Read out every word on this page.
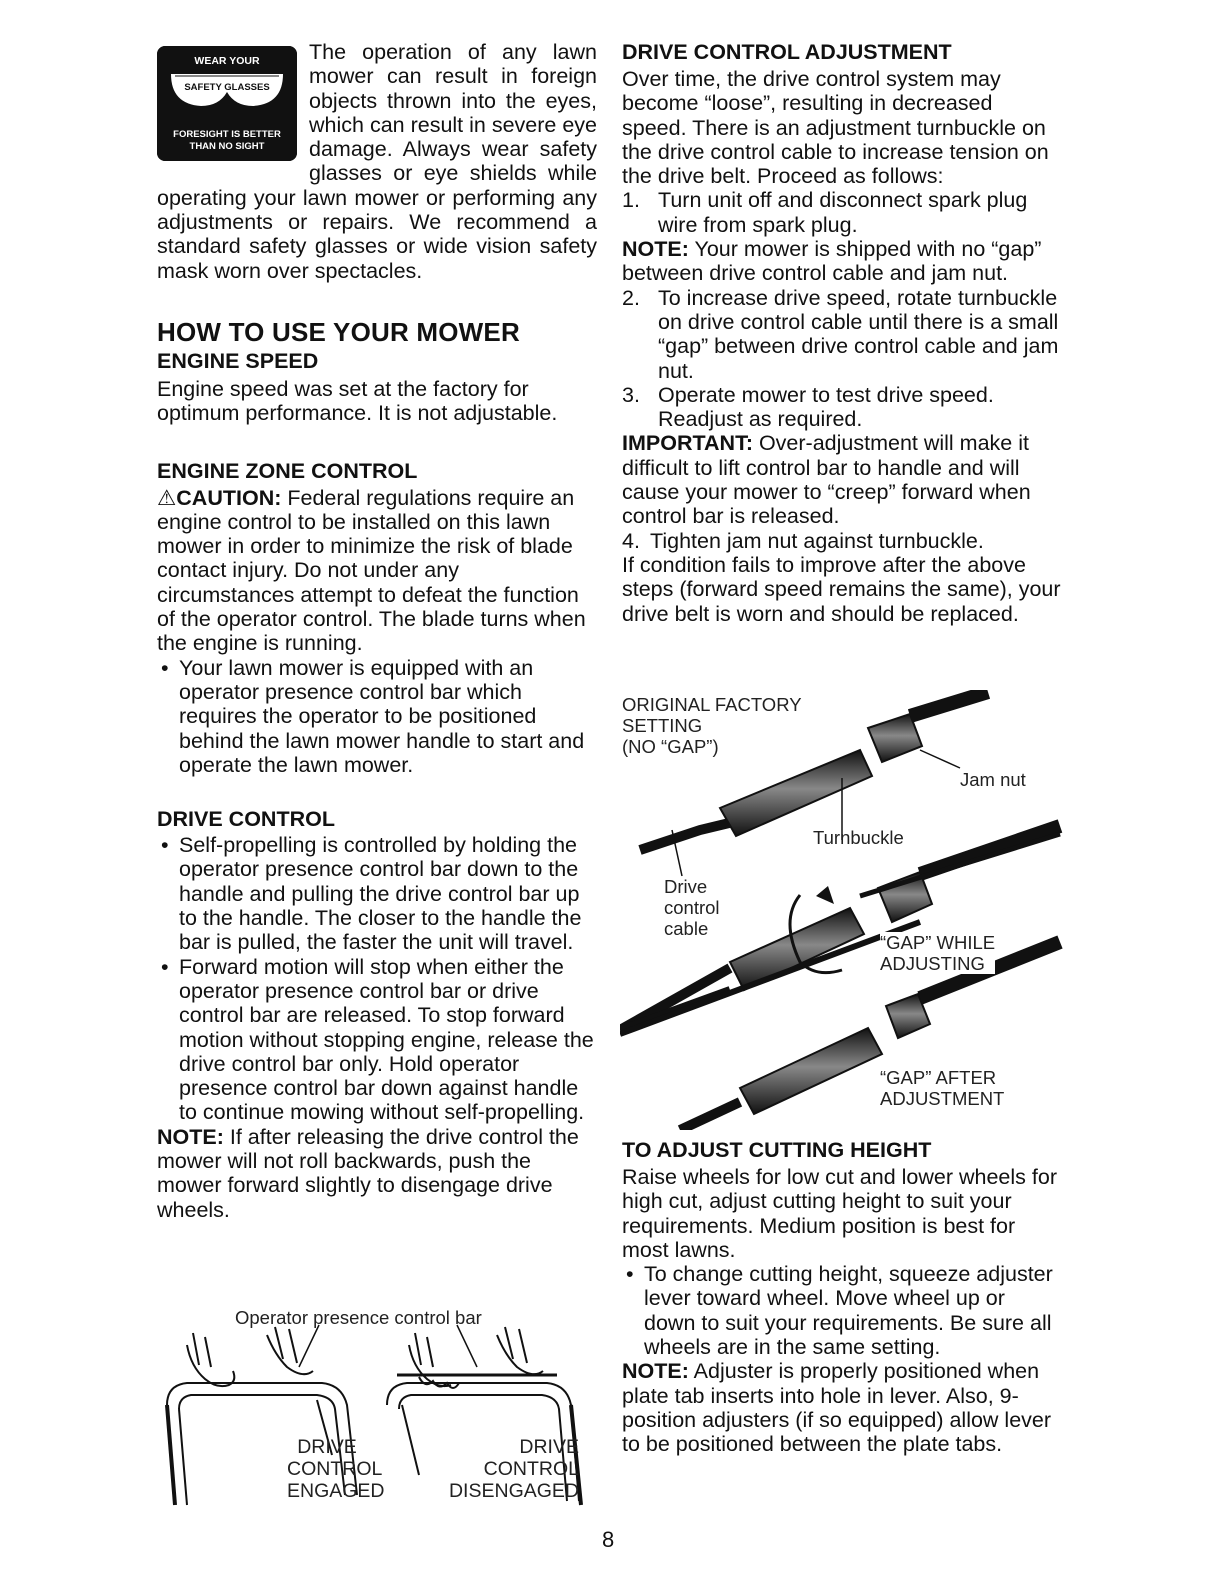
WEAR YOUR
SAFETY GLASSES
FORESIGHT IS BETTER
THAN NO SIGHT

The operation of any lawn mower can result in foreign objects thrown into the eyes, which can result in severe eye damage. Always wear safety glasses or eye shields while operating your lawn mower or performing any adjustments or repairs. We recommend a standard safety glasses or wide vision safety mask worn over spectacles.

HOW TO USE YOUR MOWER
ENGINE SPEED

Engine speed was set at the factory for optimum performance. It is not adjustable.

ENGINE ZONE CONTROL

⚠CAUTION: Federal regulations require an engine control to be installed on this lawn mower in order to minimize the risk of blade contact injury. Do not under any circumstances attempt to defeat the function of the operator control. The blade turns when the engine is running.

• Your lawn mower is equipped with an operator presence control bar which requires the operator to be positioned behind the lawn mower handle to start and operate the lawn mower.
DRIVE CONTROL
• Self-propelling is controlled by holding the operator presence control bar down to the handle and pulling the drive control bar up to the handle. The closer to the handle the bar is pulled, the faster the unit will travel.
• Forward motion will stop when either the operator presence control bar or drive control bar are released. To stop forward motion without stopping engine, release the drive control bar only. Hold operator presence control bar down against handle to continue mowing without self-propelling.

NOTE: If after releasing the drive control the mower will not roll backwards, push the mower forward slightly to disengage drive wheels.

Operator presence control bar
DRIVE
CONTROL
ENGAGED
DRIVE
CONTROL
DISENGAGED
DRIVE CONTROL ADJUSTMENT

Over time, the drive control system may become “loose”, resulting in decreased speed. There is an adjustment turnbuckle on the drive control cable to increase tension on the drive belt. Proceed as follows:

1. Turn unit off and disconnect spark plug wire from spark plug.

NOTE: Your mower is shipped with no “gap” between drive control cable and jam nut.

2. To increase drive speed, rotate turnbuckle on drive control cable until there is a small “gap” between drive control cable and jam nut.
3. Operate mower to test drive speed. Readjust as required.

IMPORTANT: Over-adjustment will make it difficult to lift control bar to handle and will cause your mower to “creep” forward when control bar is released.

4. Tighten jam nut against turnbuckle.

If condition fails to improve after the above steps (forward speed remains the same), your drive belt is worn and should be replaced.

ORIGINAL FACTORY
SETTING
(NO “GAP”)
Jam nut
Turnbuckle
Drive
control
cable
“GAP” WHILE
ADJUSTING
“GAP” AFTER
ADJUSTMENT
TO ADJUST CUTTING HEIGHT

Raise wheels for low cut and lower wheels for high cut, adjust cutting height to suit your requirements. Medium position is best for most lawns.

• To change cutting height, squeeze adjuster lever toward wheel. Move wheel up or down to suit your requirements. Be sure all wheels are in the same setting.

NOTE: Adjuster is properly positioned when plate tab inserts into hole in lever. Also, 9-position adjusters (if so equipped) allow lever to be positioned between the plate tabs.

8
